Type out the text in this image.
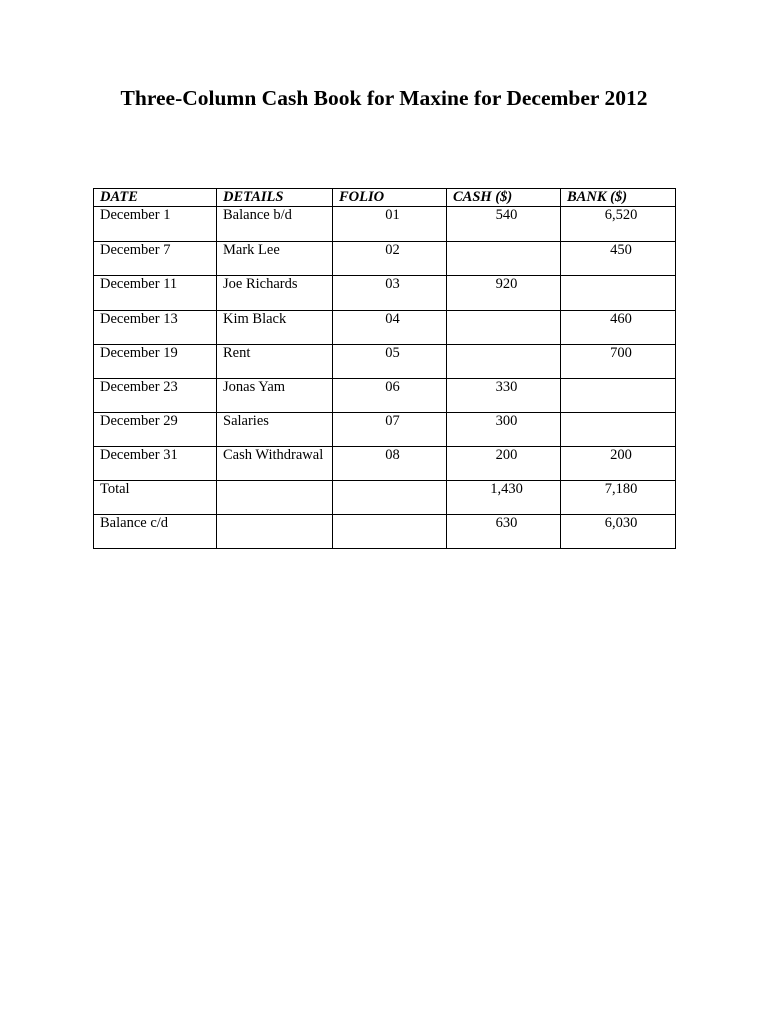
Three-Column Cash Book for Maxine for December 2012
DATE	DETAILS	FOLIO	CASH ($)	BANK ($)
December 1	Balance b/d	01	540	6,520
December 7	Mark Lee	02		450
December 11	Joe Richards	03	920	
December 13	Kim Black	04		460
December 19	Rent	05		700
December 23	Jonas Yam	06	330	
December 29	Salaries	07	300	
December 31	Cash Withdrawal	08	200	200
Total			1,430	7,180
Balance c/d			630	6,030
